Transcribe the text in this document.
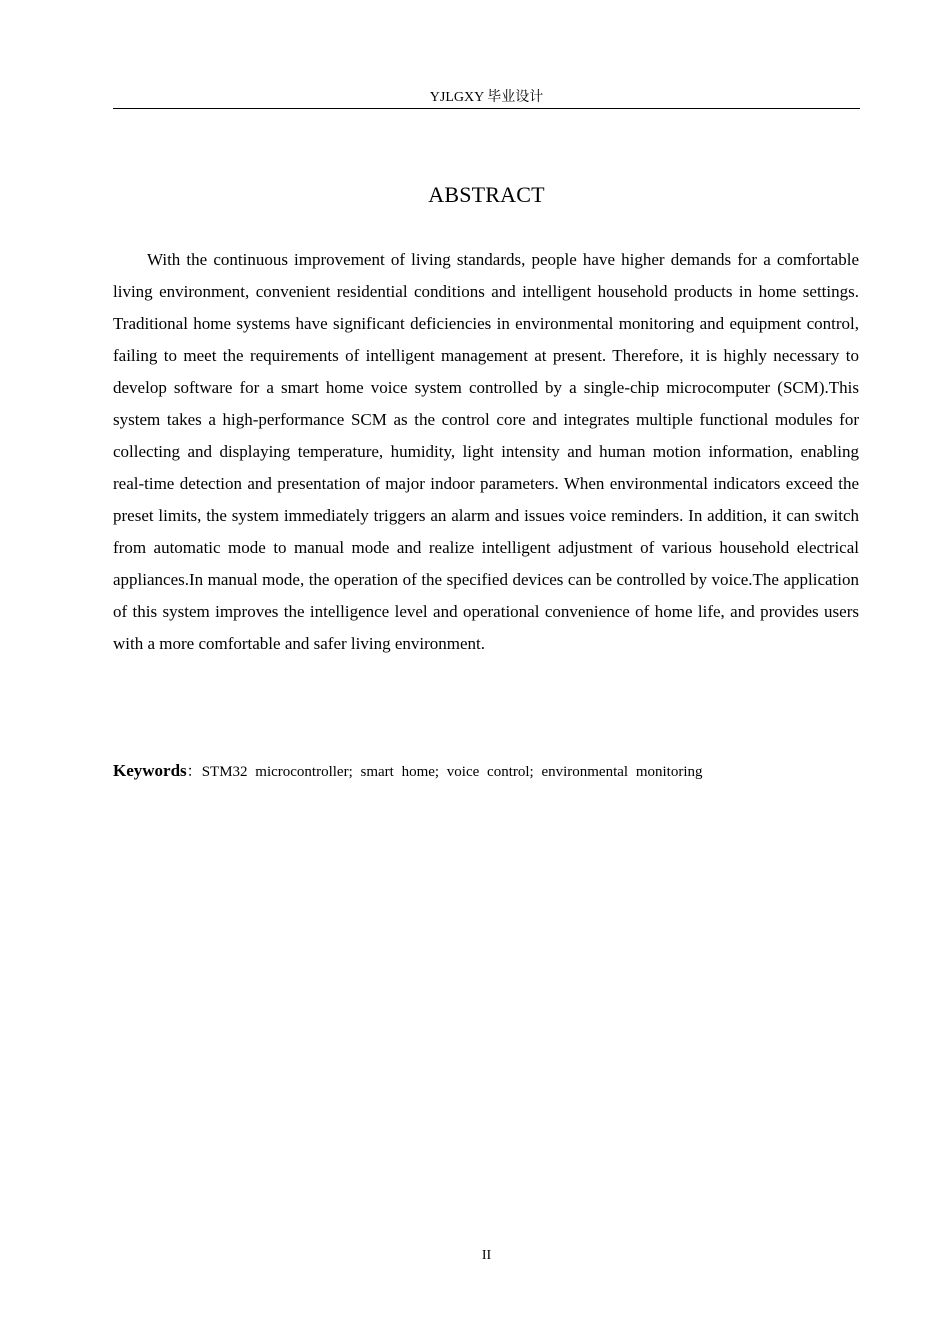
YJLGXY 毕业设计
ABSTRACT

With the continuous improvement of living standards, people have higher demands for a comfortable living environment, convenient residential conditions and intelligent household products in home settings. Traditional home systems have significant deficiencies in environmental monitoring and equipment control, failing to meet the requirements of intelligent management at present. Therefore, it is highly necessary to develop software for a smart home voice system controlled by a single-chip microcomputer (SCM).This system takes a high-performance SCM as the control core and integrates multiple functional modules for collecting and displaying temperature, humidity, light intensity and human motion information, enabling real-time detection and presentation of major indoor parameters. When environmental indicators exceed the preset limits, the system immediately triggers an alarm and issues voice reminders. In addition, it can switch from automatic mode to manual mode and realize intelligent adjustment of various household electrical appliances.In manual mode, the operation of the specified devices can be controlled by voice.The application of this system improves the intelligence level and operational convenience of home life, and provides users with a more comfortable and safer living environment.

Keywords：STM32 microcontroller; smart home; voice control; environmental monitoring

II
